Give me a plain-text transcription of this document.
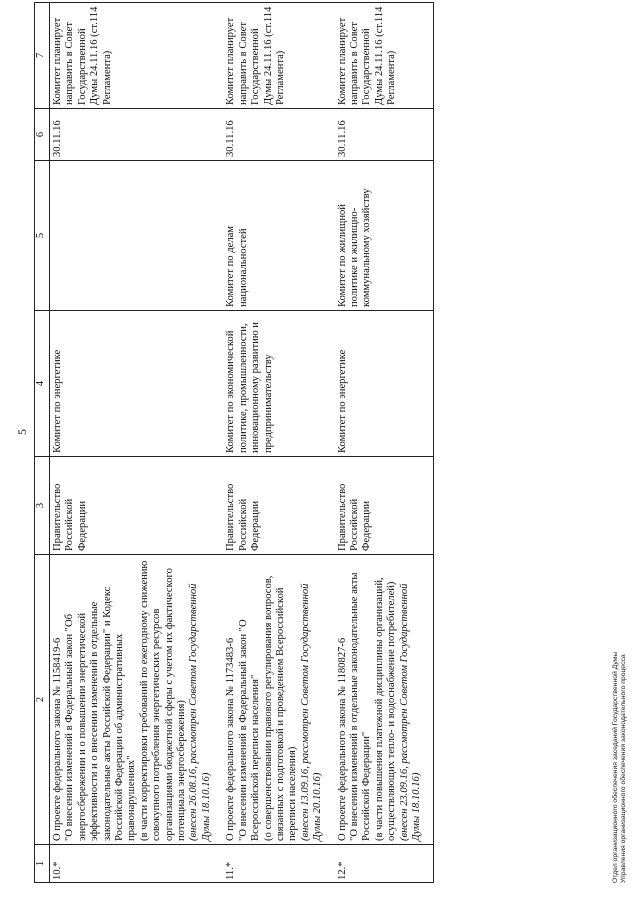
5
1	2	3	4	5	6	7
10.*	О проекте федерального закона № 1158419-6 "О внесении изменений в Федеральный закон "Об энергосбережении и о повышении энергетической эффективности и о внесении изменений в отдельные законодательные акты Российской Федерации" и Кодекс Российской Федерации об административных правонарушениях" (в части корректировки требований по ежегодному снижению совокупного потребления энергетических ресурсов организациями бюджетной сферы с учетом их фактического потенциала энергосбережения) (внесен 26.08.16, рассмотрен Советом Государственной Думы 18.10.16)	Правительство Российской Федерации	Комитет по энергетике		30.11.16	Комитет планирует направить в Совет Государственной Думы 24.11.16 (ст.114 Регламента)
11.*	О проекте федерального закона № 1173483-6 "О внесении изменений в Федеральный закон "О Всероссийской переписи населения" (о совершенствовании правового регулирования вопросов, связанных с подготовкой и проведением Всероссийской переписи населения) (внесен 13.09.16, рассмотрен Советом Государственной Думы 20.10.16)	Правительство Российской Федерации	Комитет по экономической политике, промышленности, инновационному развитию и предпринимательству	Комитет по делам национальностей	30.11.16	Комитет планирует направить в Совет Государственной Думы 24.11.16 (ст.114 Регламента)
12.*	О проекте федерального закона № 1180827-6 "О внесении изменений в отдельные законодательные акты Российской Федерации" (в части повышения платежной дисциплины организаций, осуществляющих тепло- и водоснабжение потребителей) (внесен 23.09.16, рассмотрен Советом Государственной Думы 18.10.16)	Правительство Российской Федерации	Комитет по энергетике	Комитет по жилищной политике и жилищно-коммунальному хозяйству	30.11.16	Комитет планирует направить в Совет Государственной Думы 24.11.16 (ст.114 Регламента)
Отдел организационного обеспечения заседаний Государственной Думы Управления организационного обеспечения законодательного процесса
